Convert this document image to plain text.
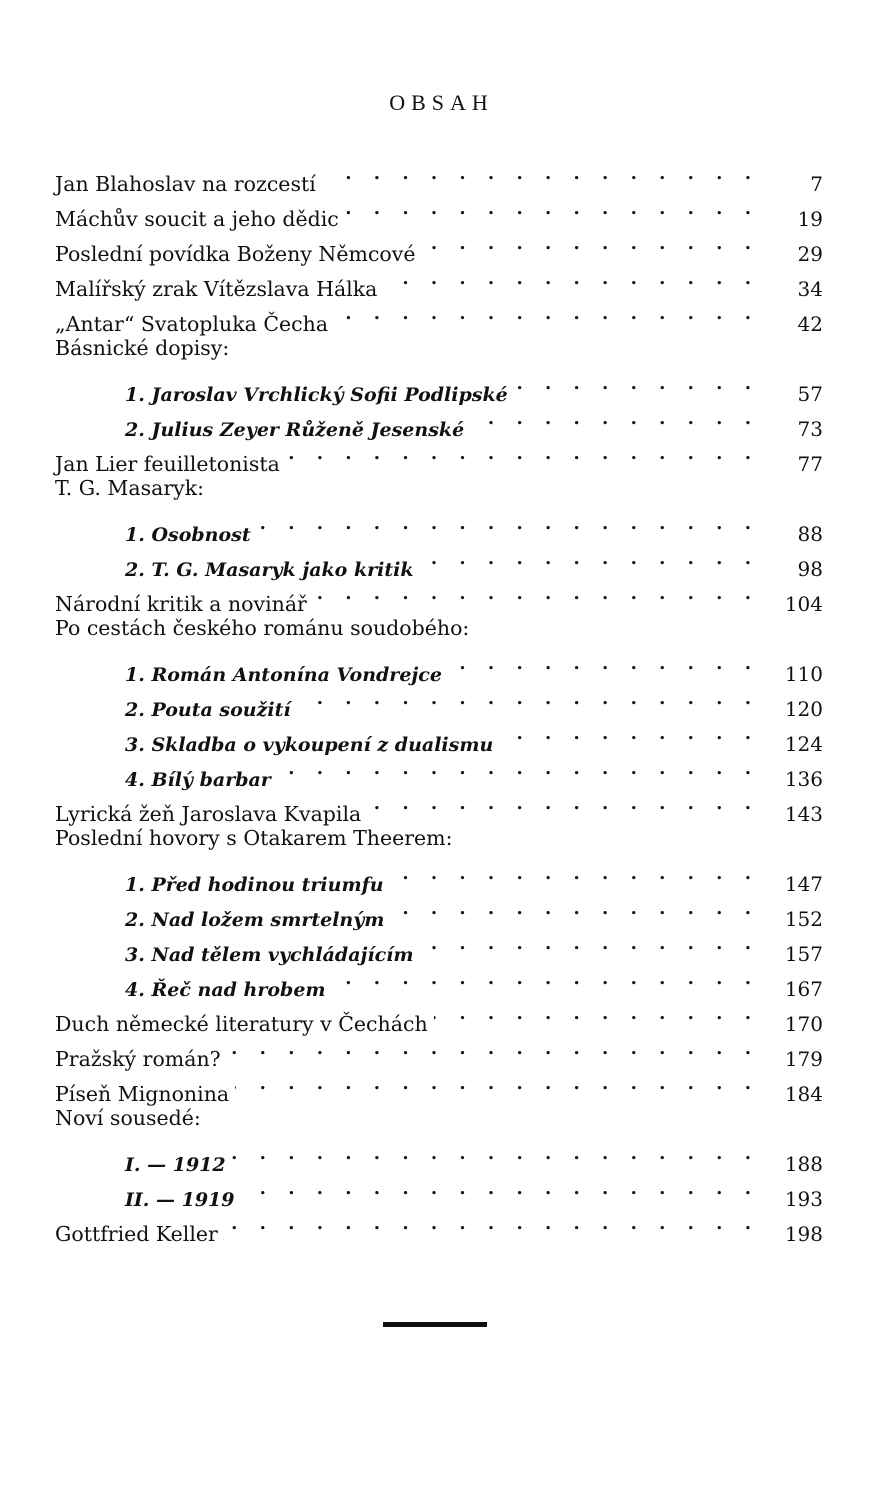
OBSAH
Jan Blahoslav na rozcestí . . .	7
Máchův soucit a jeho dědic . . .	19
Poslední povídka Boženy Němcové . . .	29
Malířský zrak Vítězslava Hálka . . .	34
„Antar“ Svatopluka Čecha . . .	42
Básnické dopisy:
1. Jaroslav Vrchlický Sofii Podlipské . . .	57
2. Julius Zeyer Růženě Jesenské . . .	73
Jan Lier feuilletonista . . .	77
T. G. Masaryk:
1. Osobnost . . .	88
2. T. G. Masaryk jako kritik . . .	98
Národní kritik a novinář . . .	104
Po cestách českého románu soudobého:
1. Román Antonína Vondrejce . . .	110
2. Pouta soužití . . .	120
3. Skladba o vykoupení z dualismu . . .	124
4. Bílý barbar . . .	136
Lyrická žeň Jaroslava Kvapila . . .	143
Poslední hovory s Otakarem Theerem:
1. Před hodinou triumfu . . .	147
2. Nad ložem smrtelným . . .	152
3. Nad tělem vychládajícím . . .	157
4. Řeč nad hrobem . . .	167
Duch německé literatury v Čechách . . .	170
Pražský román? . . .	179
Píseň Mignonina . . .	184
Noví sousedé:
I. — 1912 . . .	188
II. — 1919 . . .	193
Gottfried Keller . . .	198
